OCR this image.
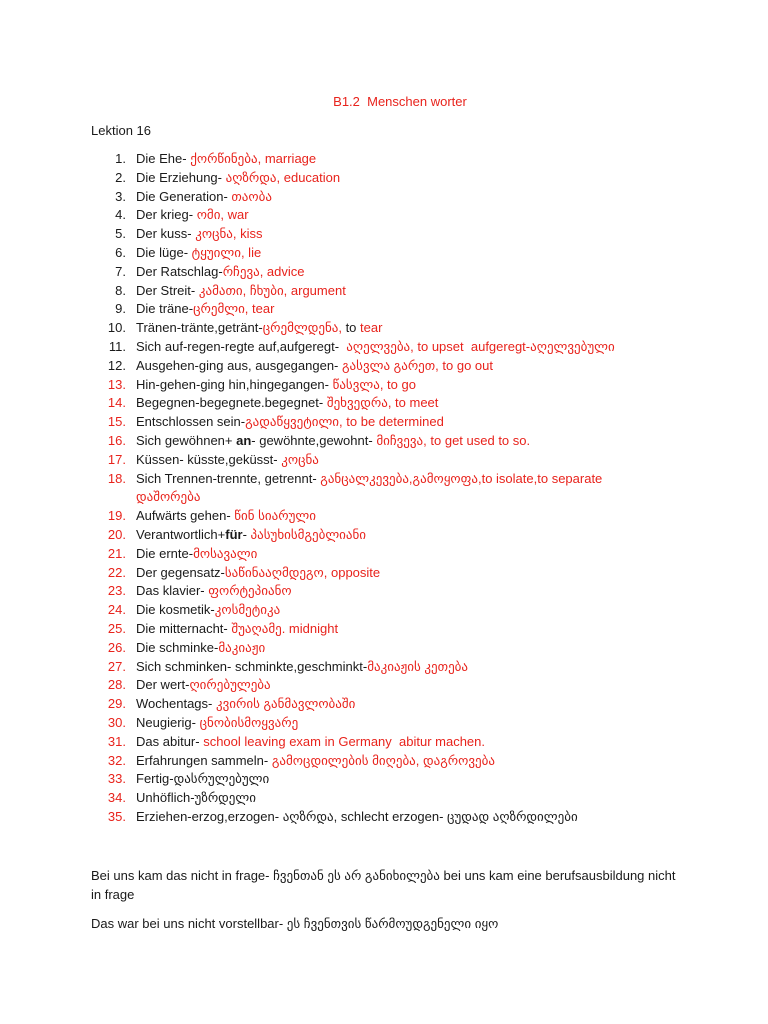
B1.2  Menschen worter
Lektion 16
1. Die Ehe- ქორწინება, marriage
2. Die Erziehung- აღზრდა, education
3. Die Generation- თაობა
4. Der krieg- ომი, war
5. Der kuss- კოცნა, kiss
6. Die lüge- ტყუილი, lie
7. Der Ratschlag-რჩევა, advice
8. Der Streit- კამათი, ჩხუბი, argument
9. Die träne-ცრემლი, tear
10. Tränen-tränte,getränt-ცრემლდენა, to tear
11. Sich auf-regen-regte auf,aufgeregt-  აღელვება, to upset  aufgeregt-აღელვებული
12. Ausgehen-ging aus, ausgegangen- გასვლა გარეთ, to go out
13. Hin-gehen-ging hin,hingegangen- წასვლა, to go
14. Begegnen-begegnete.begegnet- შეხვედრა, to meet
15. Entschlossen sein-გადაწყვეტილი, to be determined
16. Sich gewöhnen+ an- gewöhnte,gewohnt- მიჩვევა, to get used to so.
17. Küssen- küsste,geküsst- კოცნა
18. Sich Trennen-trennte, getrennt- განცალკევება,გამოყოფა,to isolate,to separate დაშორება
19. Aufwärts gehen- წინ სიარული
20. Verantwortlich+für- პასუხისმგებლიანი
21. Die ernte-მოსავალი
22. Der gegensatz-საწინააღმდეგო, opposite
23. Das klavier- ფორტეპიანო
24. Die kosmetik-კოსმეტიკა
25. Die mitternacht- შუაღამე. midnight
26. Die schminke-მაკიაჟი
27. Sich schminken- schminkte,geschminkt-მაკიაჟის კეთება
28. Der wert-ღირებულება
29. Wochentags- კვირის განმავლობაში
30. Neugierig- ცნობისმოყვარე
31. Das abitur- school leaving exam in Germany  abitur machen.
32. Erfahrungen sammeln- გამოცდილების მიღება, დაგროვება
33. Fertig-დასრულებული
34. Unhöflich-უზრდელი
35. Erziehen-erzog,erzogen- აღზრდა, schlecht erzogen- ცუდად აღზრდილები
Bei uns kam das nicht in frage- ჩვენთან ეს არ განიხილება bei uns kam eine berufsausbildung nicht in frage
Das war bei uns nicht vorstellbar- ეს ჩვენთვის წარმოუდგენელი იყო
